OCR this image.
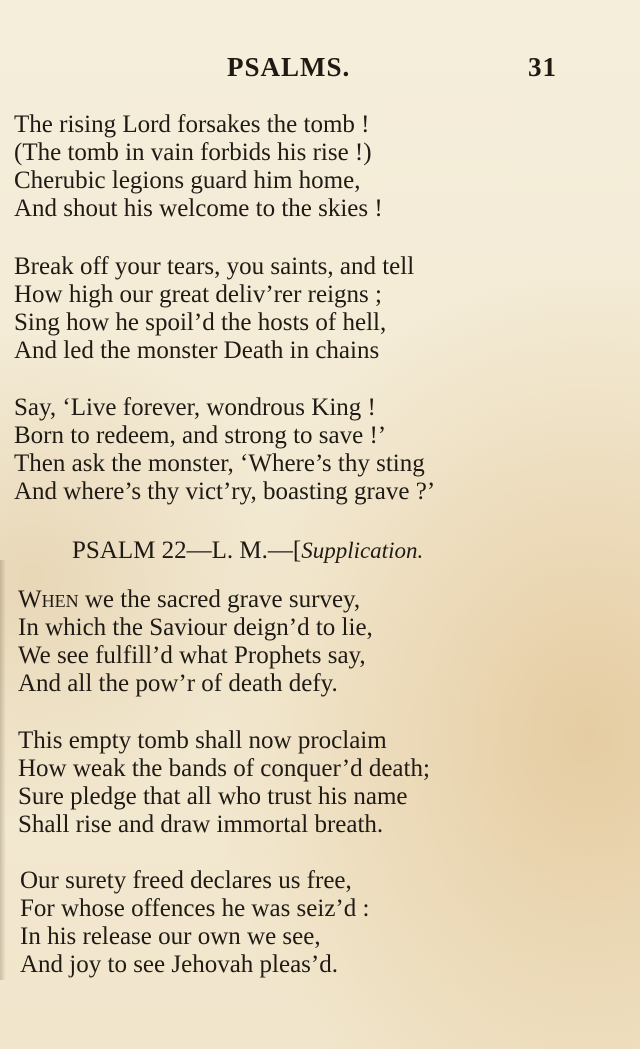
PSALMS.	31
The rising Lord forsakes the tomb !
(The tomb in vain forbids his rise !)
Cherubic legions guard him home,
And shout his welcome to the skies !
Break off your tears, you saints, and tell
How high our great deliv’rer reigns ;
Sing how he spoil’d the hosts of hell,
And led the monster Death in chains
Say, ‘Live forever, wondrous King !
Born to redeem, and strong to save !’
Then ask the monster, ‘Where’s thy sting
And where’s thy vict’ry, boasting grave ?’
PSALM 22—L. M.—[Supplication.
When we the sacred grave survey,
In which the Saviour deign’d to lie,
We see fulfill’d what Prophets say,
And all the pow’r of death defy.
This empty tomb shall now proclaim
How weak the bands of conquer’d death;
Sure pledge that all who trust his name
Shall rise and draw immortal breath.
Our surety freed declares us free,
For whose offences he was seiz’d :
In his release our own we see,
And joy to see Jehovah pleas’d.
